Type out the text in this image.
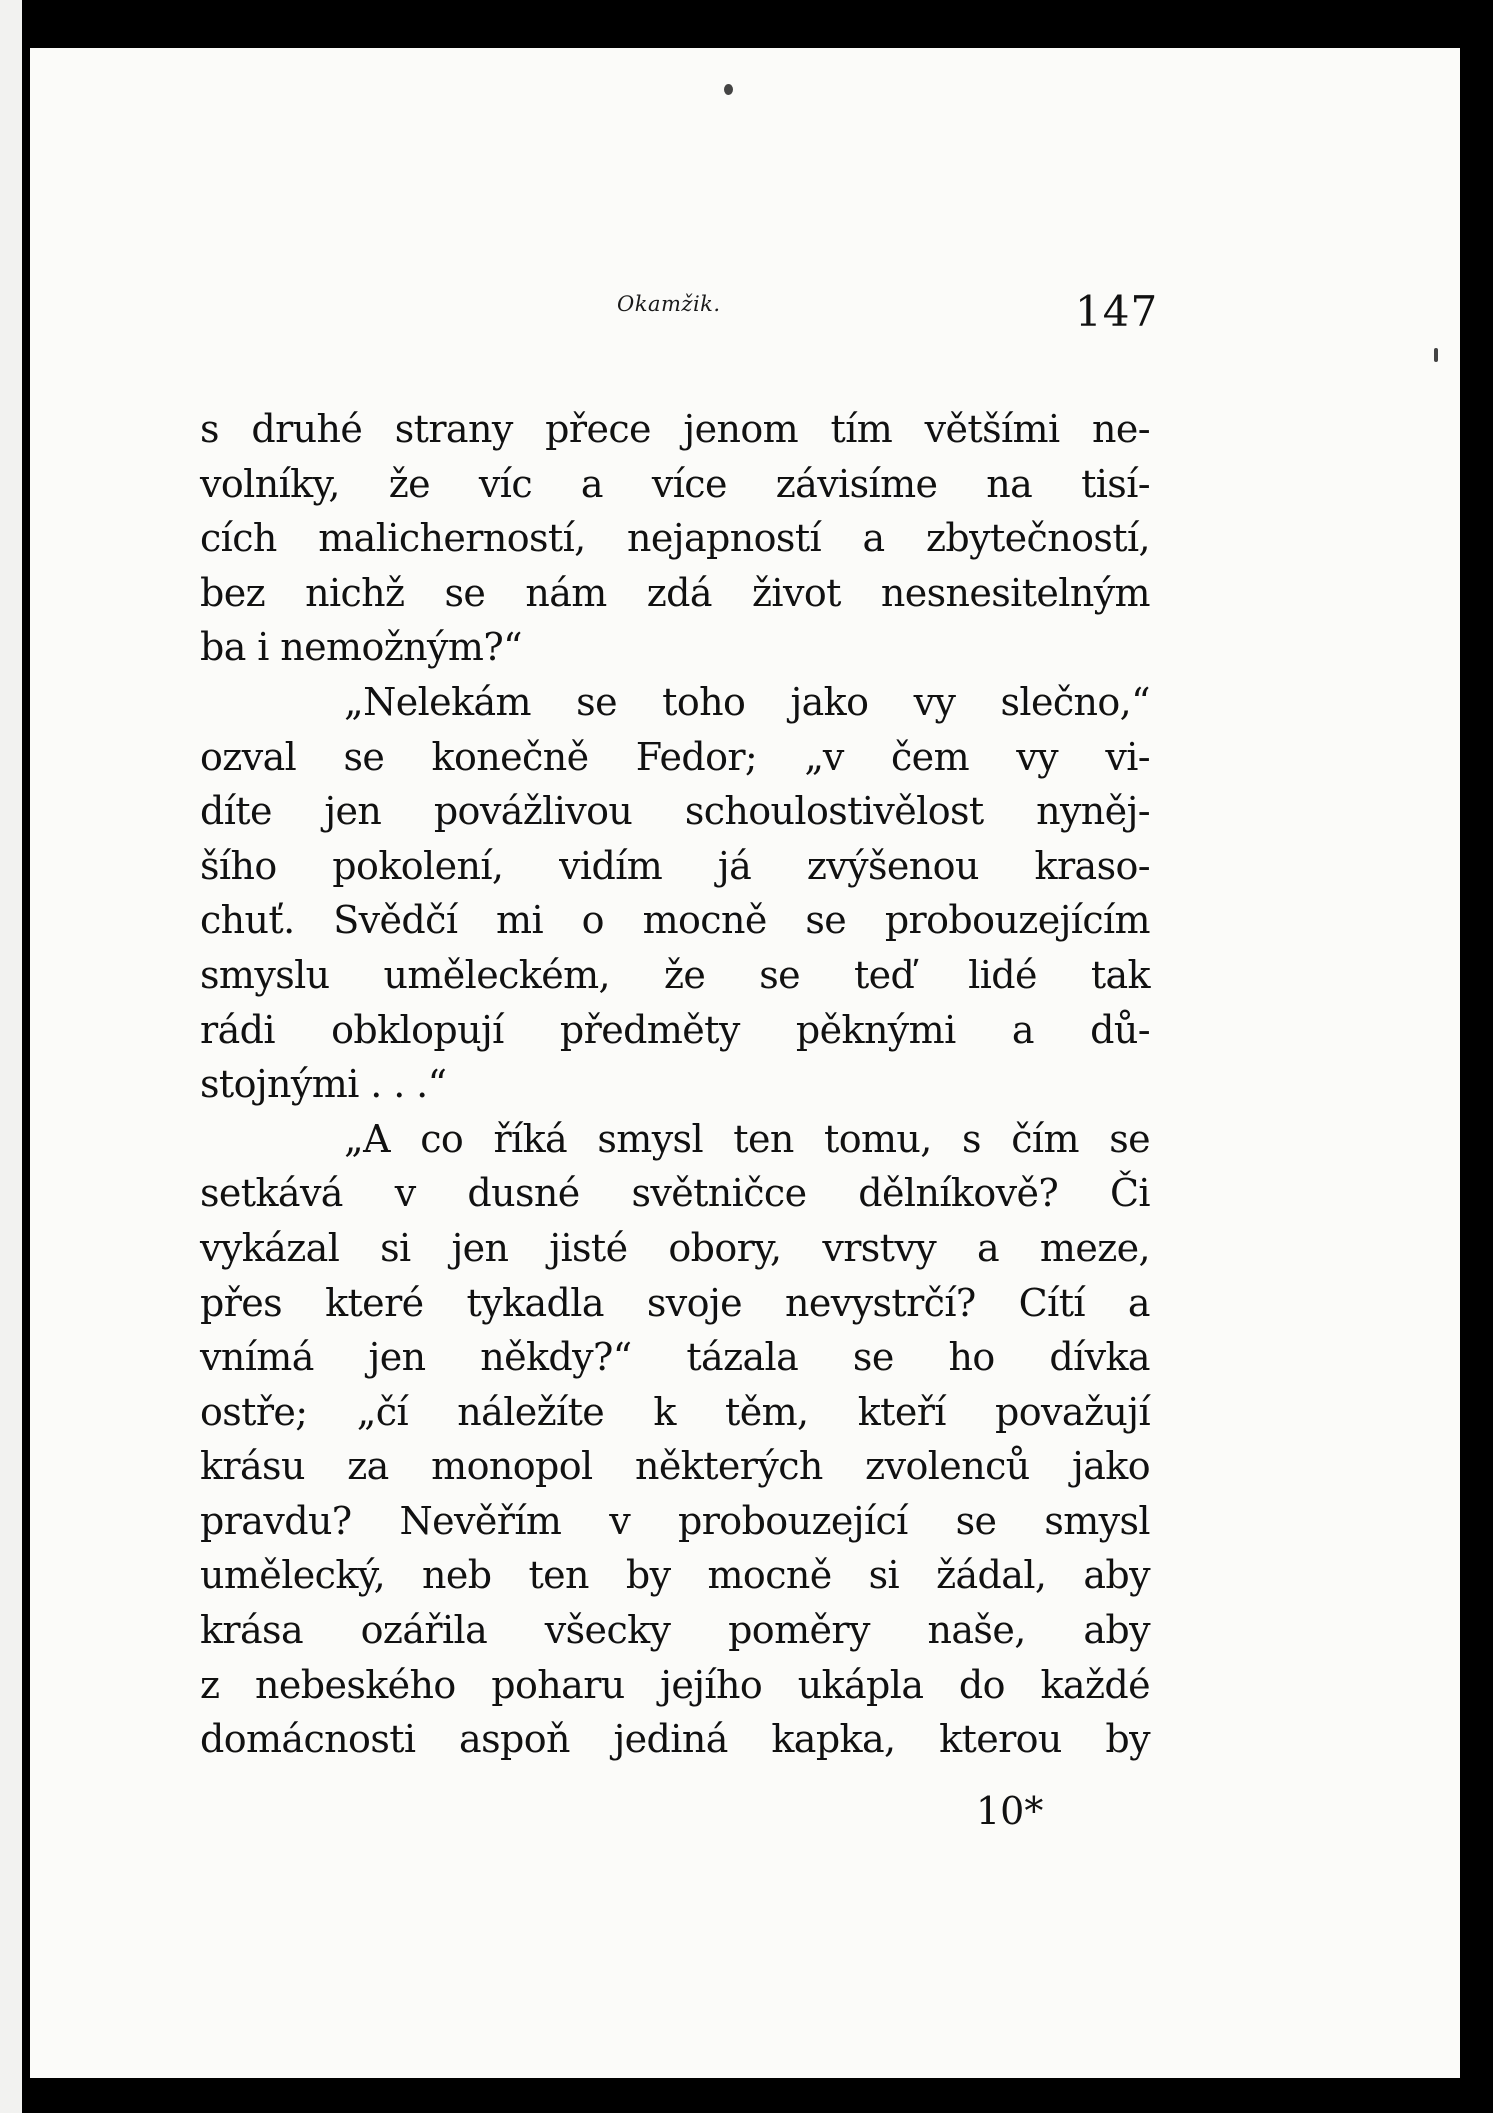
Okamžik.	147
s druhé strany přece jenom tím většími ne-
volníky, že víc a více závisíme na tisí-
cích malicherností, nejapností a zbytečností,
bez nichž se nám zdá život nesnesitelným
ba i nemožným?“
„Nelekám se toho jako vy slečno,“
ozval se konečně Fedor; „v čem vy vi-
díte jen povážlivou schoulostivělost nyněj-
šího pokolení, vidím já zvýšenou kraso-
chuť. Svědčí mi o mocně se probouzejícím
smyslu uměleckém, že se teď lidé tak
rádi obklopují předměty pěknými a dů-
stojnými . . .“
„A co říká smysl ten tomu, s čím se
setkává v dusné světničce dělníkově? Či
vykázal si jen jisté obory, vrstvy a meze,
přes které tykadla svoje nevystrčí? Cítí a
vnímá jen někdy?“ tázala se ho dívka
ostře; „čí náležíte k těm, kteří považují
krásu za monopol některých zvolenců jako
pravdu? Nevěřím v probouzející se smysl
umělecký, neb ten by mocně si žádal, aby
krása ozářila všecky poměry naše, aby
z nebeského poharu jejího ukápla do každé
domácnosti aspoň jediná kapka, kterou by
10*
